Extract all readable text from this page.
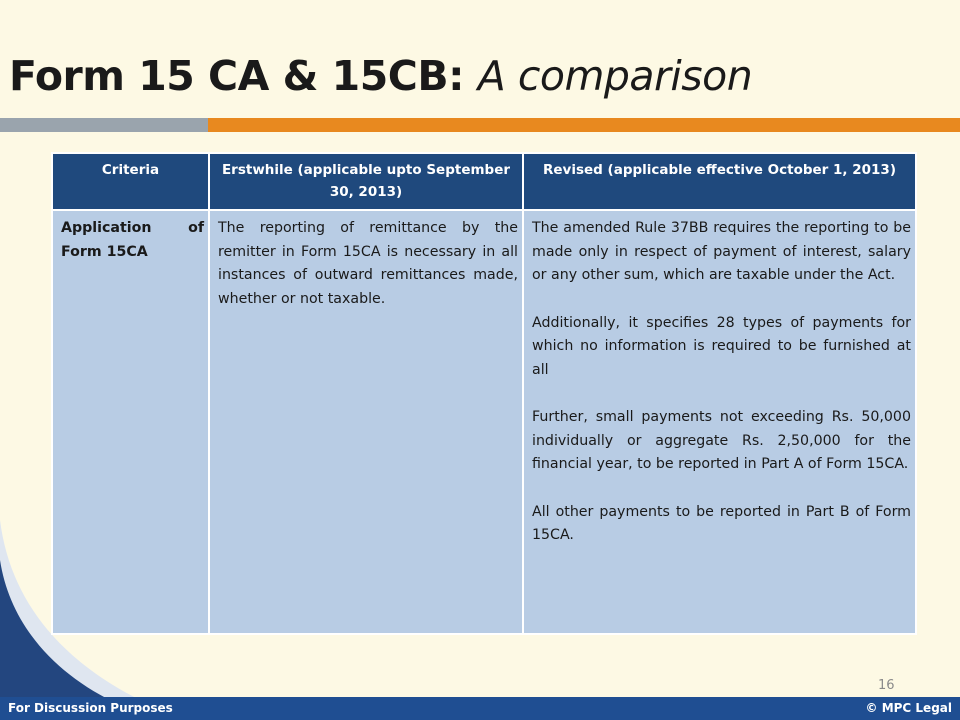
Form 15 CA & 15CB: A comparison
Criteria	Erstwhile (applicable upto September 30, 2013)	Revised (applicable effective October 1, 2013)

Application of Form 15CA	The reporting of remittance by the remitter in Form 15CA is necessary in all instances of outward remittances made, whether or not taxable.	The amended Rule 37BB requires the reporting to be made only in respect of payment of interest, salary or any other sum, which are taxable under the Act.

Additionally, it specifies 28 types of payments for which no information is required to be furnished at all

Further, small payments not exceeding Rs. 50,000 individually or aggregate Rs. 2,50,000 for the financial year, to be reported in Part A of Form 15CA.

All other payments to be reported in Part B of Form 15CA.

16
For Discussion Purposes	© MPC Legal
